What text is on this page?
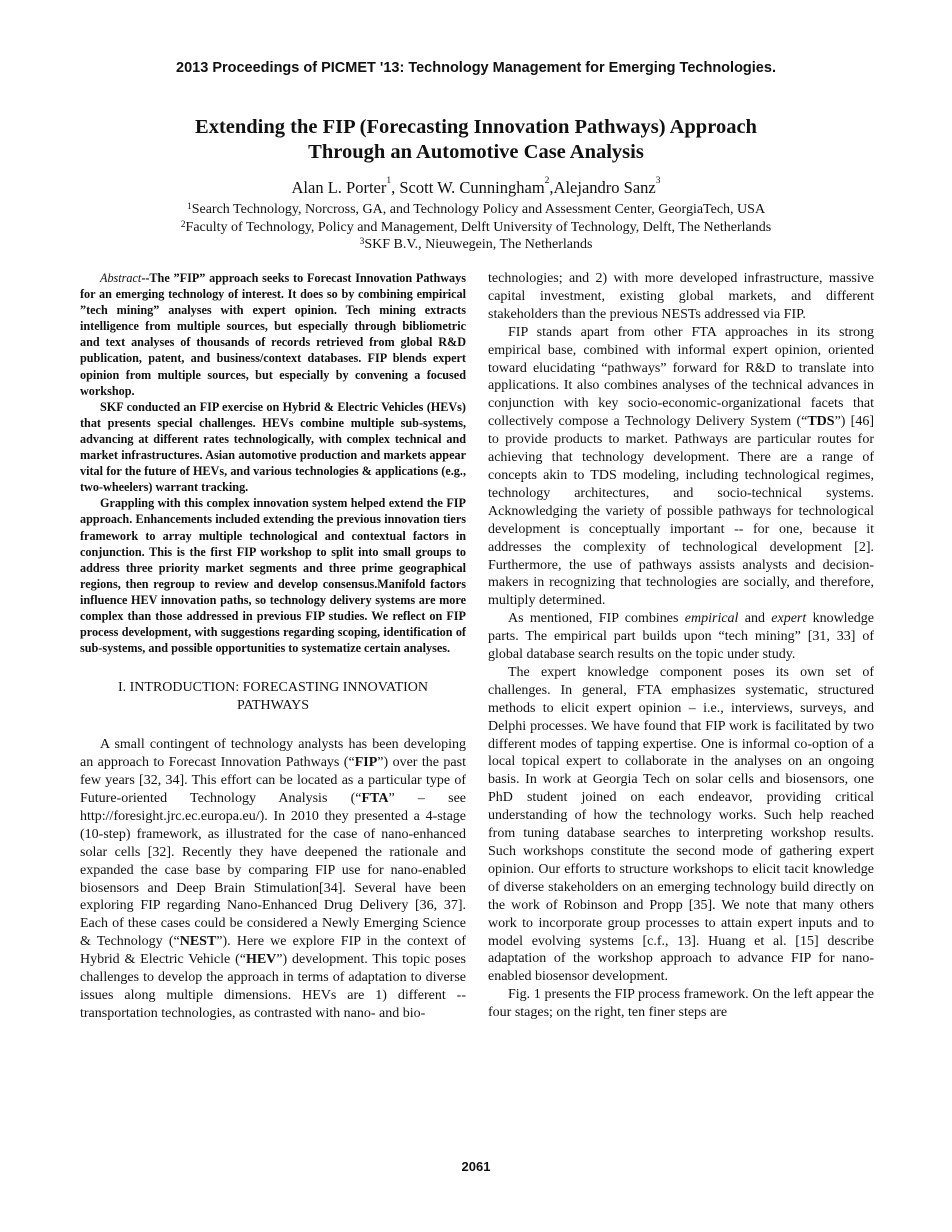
2013 Proceedings of PICMET '13: Technology Management for Emerging Technologies.
Extending the FIP (Forecasting Innovation Pathways) Approach
Through an Automotive Case Analysis
Alan L. Porter$^1$, Scott W. Cunningham$^2$,Alejandro Sanz$^3$
$^1$Search Technology, Norcross, GA, and Technology Policy and Assessment Center, GeorgiaTech, USA
$^2$Faculty of Technology, Policy and Management, Delft University of Technology, Delft, The Netherlands
$^3$SKF B.V., Nieuwegein, The Netherlands

Abstract--The ”FIP” approach seeks to Forecast Innovation Pathways for an emerging technology of interest. It does so by combining empirical ”tech mining” analyses with expert opinion. Tech mining extracts intelligence from multiple sources, but especially through bibliometric and text analyses of thousands of records retrieved from global R&D publication, patent, and business/context databases. FIP blends expert opinion from multiple sources, but especially by convening a focused workshop.

SKF conducted an FIP exercise on Hybrid & Electric Vehicles (HEVs) that presents special challenges. HEVs combine multiple sub-systems, advancing at different rates technologically, with complex technical and market infrastructures. Asian automotive production and markets appear vital for the future of HEVs, and various technologies & applications (e.g., two-wheelers) warrant tracking.

Grappling with this complex innovation system helped extend the FIP approach. Enhancements included extending the previous innovation tiers framework to array multiple technological and contextual factors in conjunction. This is the first FIP workshop to split into small groups to address three priority market segments and three prime geographical regions, then regroup to review and develop consensus.Manifold factors influence HEV innovation paths, so technology delivery systems are more complex than those addressed in previous FIP studies. We reflect on FIP process development, with suggestions regarding scoping, identification of sub-systems, and possible opportunities to systematize certain analyses.

I. INTRODUCTION: FORECASTING INNOVATION
PATHWAYS

A small contingent of technology analysts has been developing an approach to Forecast Innovation Pathways (“FIP”) over the past few years [32, 34]. This effort can be located as a particular type of Future-oriented Technology Analysis (“FTA” – see http://foresight.jrc.ec.europa.eu/). In 2010 they presented a 4-stage (10-step) framework, as illustrated for the case of nano-enhanced solar cells [32]. Recently they have deepened the rationale and expanded the case base by comparing FIP use for nano-enabled biosensors and Deep Brain Stimulation[34]. Several have been exploring FIP regarding Nano-Enhanced Drug Delivery [36, 37]. Each of these cases could be considered a Newly Emerging Science & Technology (“NEST”). Here we explore FIP in the context of Hybrid & Electric Vehicle (“HEV”) development. This topic poses challenges to develop the approach in terms of adaptation to diverse issues along multiple dimensions. HEVs are 1) different -- transportation technologies, as contrasted with nano- and bio-

technologies; and 2) with more developed infrastructure, massive capital investment, existing global markets, and different stakeholders than the previous NESTs addressed via FIP.

FIP stands apart from other FTA approaches in its strong empirical base, combined with informal expert opinion, oriented toward elucidating “pathways” forward for R&D to translate into applications. It also combines analyses of the technical advances in conjunction with key socio-economic-organizational facets that collectively compose a Technology Delivery System (“TDS”) [46] to provide products to market. Pathways are particular routes for achieving that technology development. There are a range of concepts akin to TDS modeling, including technological regimes, technology architectures, and socio-technical systems. Acknowledging the variety of possible pathways for technological development is conceptually important -- for one, because it addresses the complexity of technological development [2]. Furthermore, the use of pathways assists analysts and decision-makers in recognizing that technologies are socially, and therefore, multiply determined.

As mentioned, FIP combines empirical and expert knowledge parts. The empirical part builds upon “tech mining” [31, 33] of global database search results on the topic under study.

The expert knowledge component poses its own set of challenges. In general, FTA emphasizes systematic, structured methods to elicit expert opinion – i.e., interviews, surveys, and Delphi processes. We have found that FIP work is facilitated by two different modes of tapping expertise. One is informal co-option of a local topical expert to collaborate in the analyses on an ongoing basis. In work at Georgia Tech on solar cells and biosensors, one PhD student joined on each endeavor, providing critical understanding of how the technology works. Such help reached from tuning database searches to interpreting workshop results. Such workshops constitute the second mode of gathering expert opinion. Our efforts to structure workshops to elicit tacit knowledge of diverse stakeholders on an emerging technology build directly on the work of Robinson and Propp [35]. We note that many others work to incorporate group processes to attain expert inputs and to model evolving systems [c.f., 13]. Huang et al. [15] describe adaptation of the workshop approach to advance FIP for nano-enabled biosensor development.

Fig. 1 presents the FIP process framework. On the left appear the four stages; on the right, ten finer steps are

2061
